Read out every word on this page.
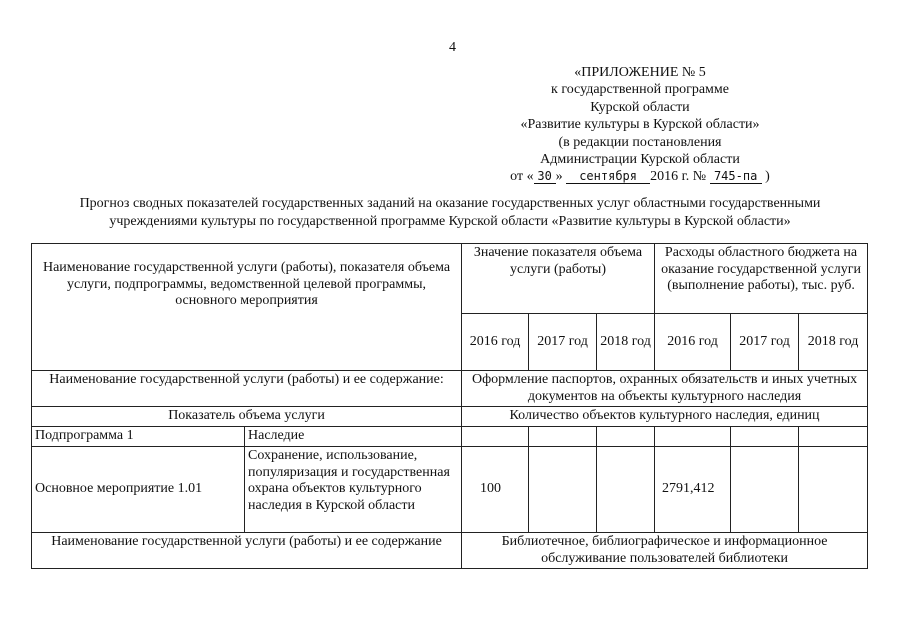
4
«ПРИЛОЖЕНИЕ № 5
к государственной программе
Курской области
«Развитие культуры в Курской области»
(в редакции постановления
Администрации Курской области
от « 30 » сентября 2016 г. № 745-па )
Прогноз сводных показателей государственных заданий на оказание государственных услуг областными государственными
учреждениями культуры по государственной программе Курской области «Развитие культуры в Курской области»
Наименование государственной услуги (работы), показателя объема услуги, подпрограммы, ведомственной целевой программы, основного мероприятия		Значение показателя объема услуги (работы)			Расходы областного бюджета на оказание государственной услуги (выполнение работы), тыс. руб.		
		2016 год	2017 год	2018 год	2016 год	2017 год	2018 год
Наименование государственной услуги (работы) и ее содержание:		Оформление паспортов, охранных обязательств и иных учетных документов на объекты культурного наследия					
Показатель объема услуги		Количество объектов культурного наследия, единиц					
Подпрограмма 1	Наследие						
Основное мероприятие 1.01	Сохранение, использование, популяризация и государственная охрана объектов культурного наследия в Курской области	100			2791,412		
Наименование государственной услуги (работы) и ее содержание		Библиотечное, библиографическое и информационное обслуживание пользователей библиотеки					
